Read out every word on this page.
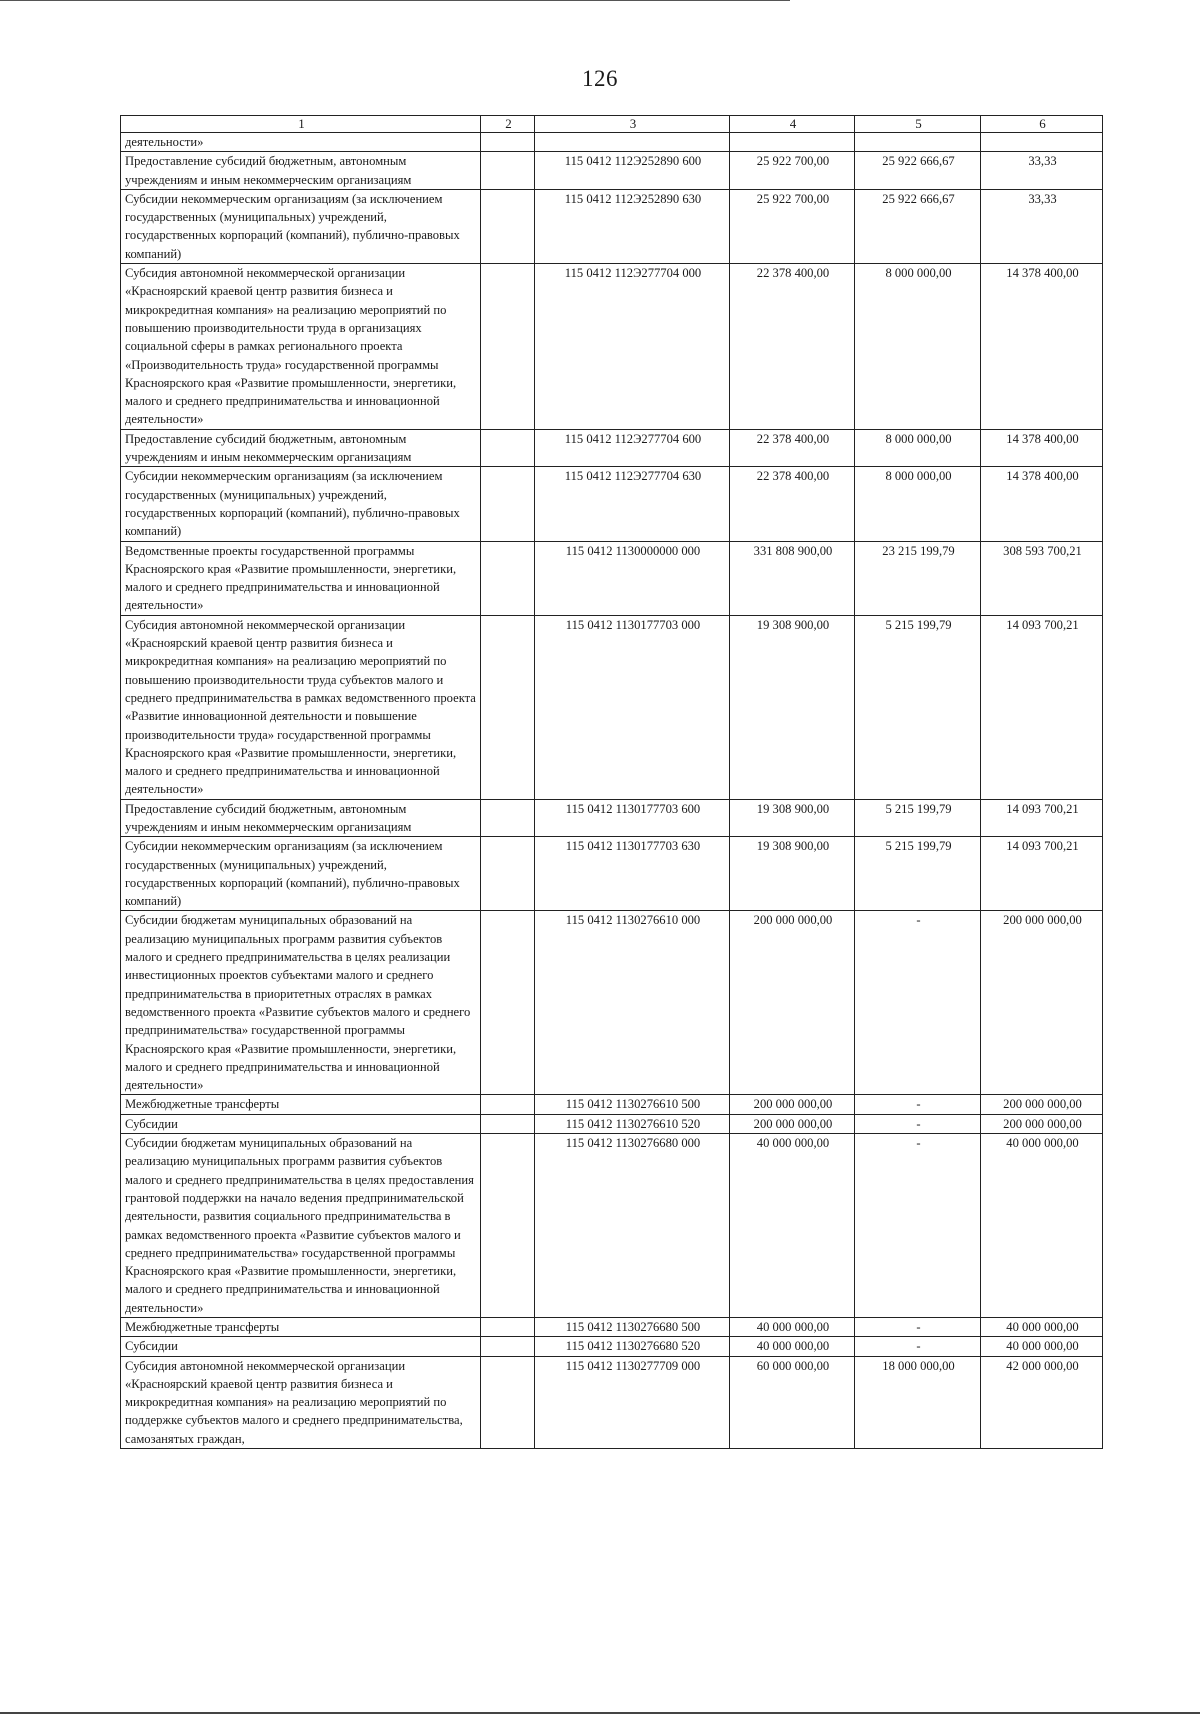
126
1	2	3	4	5	6
деятельности»					
Предоставление субсидий бюджетным, автономным учреждениям и иным некоммерческим организациям		115 0412 112Э252890 600	25 922 700,00	25 922 666,67	33,33
Субсидии некоммерческим организациям (за исключением государственных (муниципальных) учреждений, государственных корпораций (компаний), публично-правовых компаний)		115 0412 112Э252890 630	25 922 700,00	25 922 666,67	33,33
Субсидия автономной некоммерческой организации «Красноярский краевой центр развития бизнеса и микрокредитная компания» на реализацию мероприятий по повышению производительности труда в организациях социальной сферы в рамках регионального проекта «Производительность труда» государственной программы Красноярского края «Развитие промышленности, энергетики, малого и среднего предпринимательства и инновационной деятельности»		115 0412 112Э277704 000	22 378 400,00	8 000 000,00	14 378 400,00
Предоставление субсидий бюджетным, автономным учреждениям и иным некоммерческим организациям		115 0412 112Э277704 600	22 378 400,00	8 000 000,00	14 378 400,00
Субсидии некоммерческим организациям (за исключением государственных (муниципальных) учреждений, государственных корпораций (компаний), публично-правовых компаний)		115 0412 112Э277704 630	22 378 400,00	8 000 000,00	14 378 400,00
Ведомственные проекты государственной программы Красноярского края «Развитие промышленности, энергетики, малого и среднего предпринимательства и инновационной деятельности»		115 0412 1130000000 000	331 808 900,00	23 215 199,79	308 593 700,21
Субсидия автономной некоммерческой организации «Красноярский краевой центр развития бизнеса и микрокредитная компания» на реализацию мероприятий по повышению производительности труда субъектов малого и среднего предпринимательства в рамках ведомственного проекта «Развитие инновационной деятельности и повышение производительности труда» государственной программы Красноярского края «Развитие промышленности, энергетики, малого и среднего предпринимательства и инновационной деятельности»		115 0412 1130177703 000	19 308 900,00	5 215 199,79	14 093 700,21
Предоставление субсидий бюджетным, автономным учреждениям и иным некоммерческим организациям		115 0412 1130177703 600	19 308 900,00	5 215 199,79	14 093 700,21
Субсидии некоммерческим организациям (за исключением государственных (муниципальных) учреждений, государственных корпораций (компаний), публично-правовых компаний)		115 0412 1130177703 630	19 308 900,00	5 215 199,79	14 093 700,21
Субсидии бюджетам муниципальных образований на реализацию муниципальных программ развития субъектов малого и среднего предпринимательства в целях реализации инвестиционных проектов субъектами малого и среднего предпринимательства в приоритетных отраслях в рамках ведомственного проекта «Развитие субъектов малого и среднего предпринимательства» государственной программы Красноярского края «Развитие промышленности, энергетики, малого и среднего предпринимательства и инновационной деятельности»		115 0412 1130276610 000	200 000 000,00	-	200 000 000,00
Межбюджетные трансферты		115 0412 1130276610 500	200 000 000,00	-	200 000 000,00
Субсидии		115 0412 1130276610 520	200 000 000,00	-	200 000 000,00
Субсидии бюджетам муниципальных образований на реализацию муниципальных программ развития субъектов малого и среднего предпринимательства в целях предоставления грантовой поддержки на начало ведения предпринимательской деятельности, развития социального предпринимательства в рамках ведомственного проекта «Развитие субъектов малого и среднего предпринимательства» государственной программы Красноярского края «Развитие промышленности, энергетики, малого и среднего предпринимательства и инновационной деятельности»		115 0412 1130276680 000	40 000 000,00	-	40 000 000,00
Межбюджетные трансферты		115 0412 1130276680 500	40 000 000,00	-	40 000 000,00
Субсидии		115 0412 1130276680 520	40 000 000,00	-	40 000 000,00
Субсидия автономной некоммерческой организации «Красноярский краевой центр развития бизнеса и микрокредитная компания» на реализацию мероприятий по поддержке субъектов малого и среднего предпринимательства, самозанятых граждан,		115 0412 1130277709 000	60 000 000,00	18 000 000,00	42 000 000,00
